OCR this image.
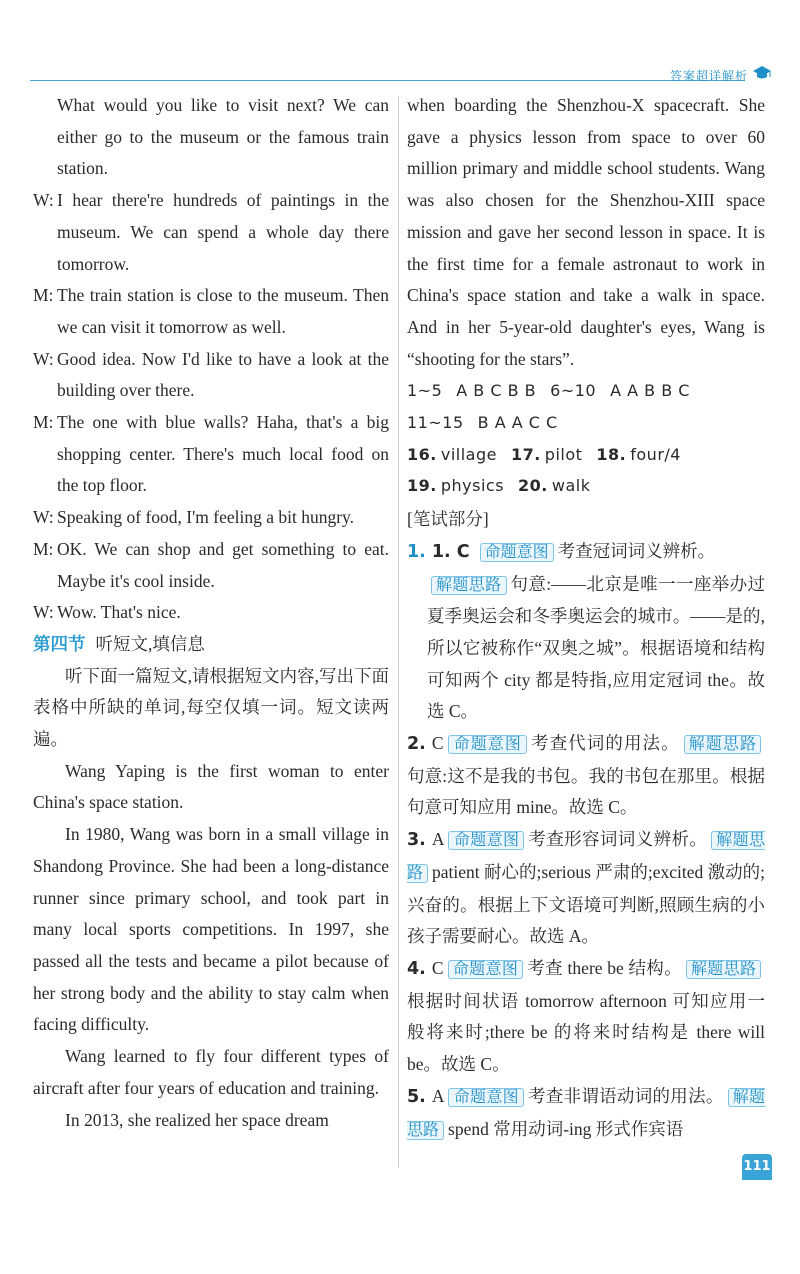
答案超详解析
What would you like to visit next? We can either go to the museum or the famous train station.
W: I hear there're hundreds of paintings in the museum. We can spend a whole day there tomorrow.
M: The train station is close to the museum. Then we can visit it tomorrow as well.
W: Good idea. Now I'd like to have a look at the building over there.
M: The one with blue walls? Haha, that's a big shopping center. There's much local food on the top floor.
W: Speaking of food, I'm feeling a bit hungry.
M: OK. We can shop and get something to eat. Maybe it's cool inside.
W: Wow. That's nice.
第四节 听短文,填信息
听下面一篇短文,请根据短文内容,写出下面表格中所缺的单词,每空仅填一词。短文读两遍。
Wang Yaping is the first woman to enter China's space station.
In 1980, Wang was born in a small village in Shandong Province. She had been a long-distance runner since primary school, and took part in many local sports competitions. In 1997, she passed all the tests and became a pilot because of her strong body and the ability to stay calm when facing difficulty.
Wang learned to fly four different types of aircraft after four years of education and training.
In 2013, she realized her space dream
when boarding the Shenzhou-X spacecraft. She gave a physics lesson from space to over 60 million primary and middle school students. Wang was also chosen for the Shenzhou-XIII space mission and gave her second lesson in space. It is the first time for a female astronaut to work in China's space station and take a walk in space. And in her 5-year-old daughter's eyes, Wang is “shooting for the stars”.
1~5 A B C B B 6~10 A A B B C
11~15 B A A C C
16. village 17. pilot 18. four/4
19. physics 20. walk
[笔试部分]
1. 1. C 命题意图 考查冠词词义辨析。
解题思路 句意:——北京是唯一一座举办过夏季奥运会和冬季奥运会的城市。——是的,所以它被称作“双奥之城”。根据语境和结构可知两个 city 都是特指,应用定冠词 the。故选 C。
2. C 命题意图 考查代词的用法。 解题思路句意:这不是我的书包。我的书包在那里。根据句意可知应用 mine。故选 C。
3. A 命题意图 考查形容词词义辨析。 解题思路 patient 耐心的;serious 严肃的;excited 激动的;兴奋的。根据上下文语境可判断,照顾生病的小孩子需要耐心。故选 A。
4. C 命题意图 考查 there be 结构。 解题思路根据时间状语 tomorrow afternoon 可知应用一般将来时;there be 的将来时结构是 there will be。故选 C。
5. A 命题意图 考查非谓语动词的用法。 解题思路 spend 常用动词-ing 形式作宾语
111
